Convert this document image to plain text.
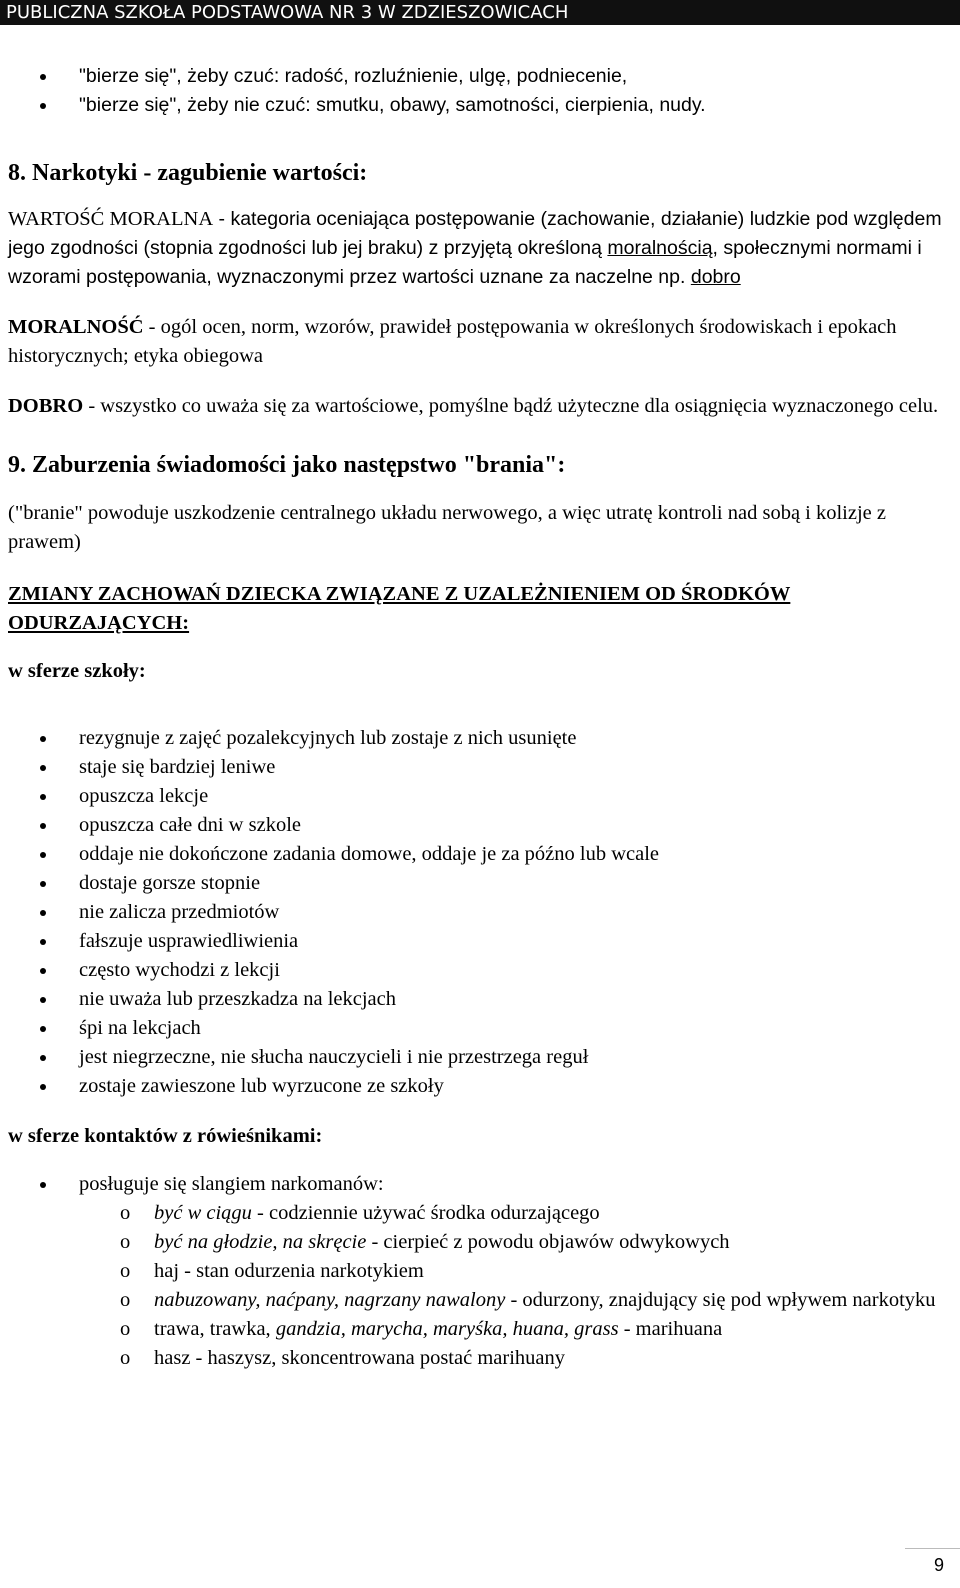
PUBLICZNA SZKOŁA PODSTAWOWA NR 3 W ZDZIESZOWICACH
"bierze się", żeby czuć: radość, rozluźnienie, ulgę, podniecenie,
"bierze się", żeby nie czuć: smutku, obawy, samotności, cierpienia, nudy.

8. Narkotyki - zagubienie wartości:

WARTOŚĆ MORALNA - kategoria oceniająca postępowanie (zachowanie, działanie) ludzkie pod względem jego zgodności (stopnia zgodności lub jej braku) z przyjętą określoną moralnością, społecznymi normami i wzorami postępowania, wyznaczonymi przez wartości uznane za naczelne np. dobro

MORALNOŚĆ - ogól ocen, norm, wzorów, prawideł postępowania w określonych środowiskach i epokach historycznych; etyka obiegowa

DOBRO - wszystko co uważa się za wartościowe, pomyślne bądź użyteczne dla osiągnięcia wyznaczonego celu.

9. Zaburzenia świadomości jako następstwo "brania":

("branie" powoduje uszkodzenie centralnego układu nerwowego, a więc utratę kontroli nad sobą i kolizje z prawem)

ZMIANY ZACHOWAŃ DZIECKA ZWIĄZANE Z UZALEŻNIENIEM OD ŚRODKÓW ODURZAJĄCYCH:

w sferze szkoły:

rezygnuje z zajęć pozalekcyjnych lub zostaje z nich usunięte
staje się bardziej leniwe
opuszcza lekcje
opuszcza całe dni w szkole
oddaje nie dokończone zadania domowe, oddaje je za późno lub wcale
dostaje gorsze stopnie
nie zalicza przedmiotów
fałszuje usprawiedliwienia
często wychodzi z lekcji
nie uważa lub przeszkadza na lekcjach
śpi na lekcjach
jest niegrzeczne, nie słucha nauczycieli i nie przestrzega reguł
zostaje zawieszone lub wyrzucone ze szkoły

w sferze kontaktów z rówieśnikami:

posługuje się slangiem narkomanów:
o być w ciągu - codziennie używać środka odurzającego
o być na głodzie, na skręcie - cierpieć z powodu objawów odwykowych
o haj - stan odurzenia narkotykiem
o nabuzowany, naćpany, nagrzany nawalony - odurzony, znajdujący się pod wpływem narkotyku
o trawa, trawka, gandzia, marycha, maryśka, huana, grass - marihuana
o hasz - haszysz, skoncentrowana postać marihuany
9
